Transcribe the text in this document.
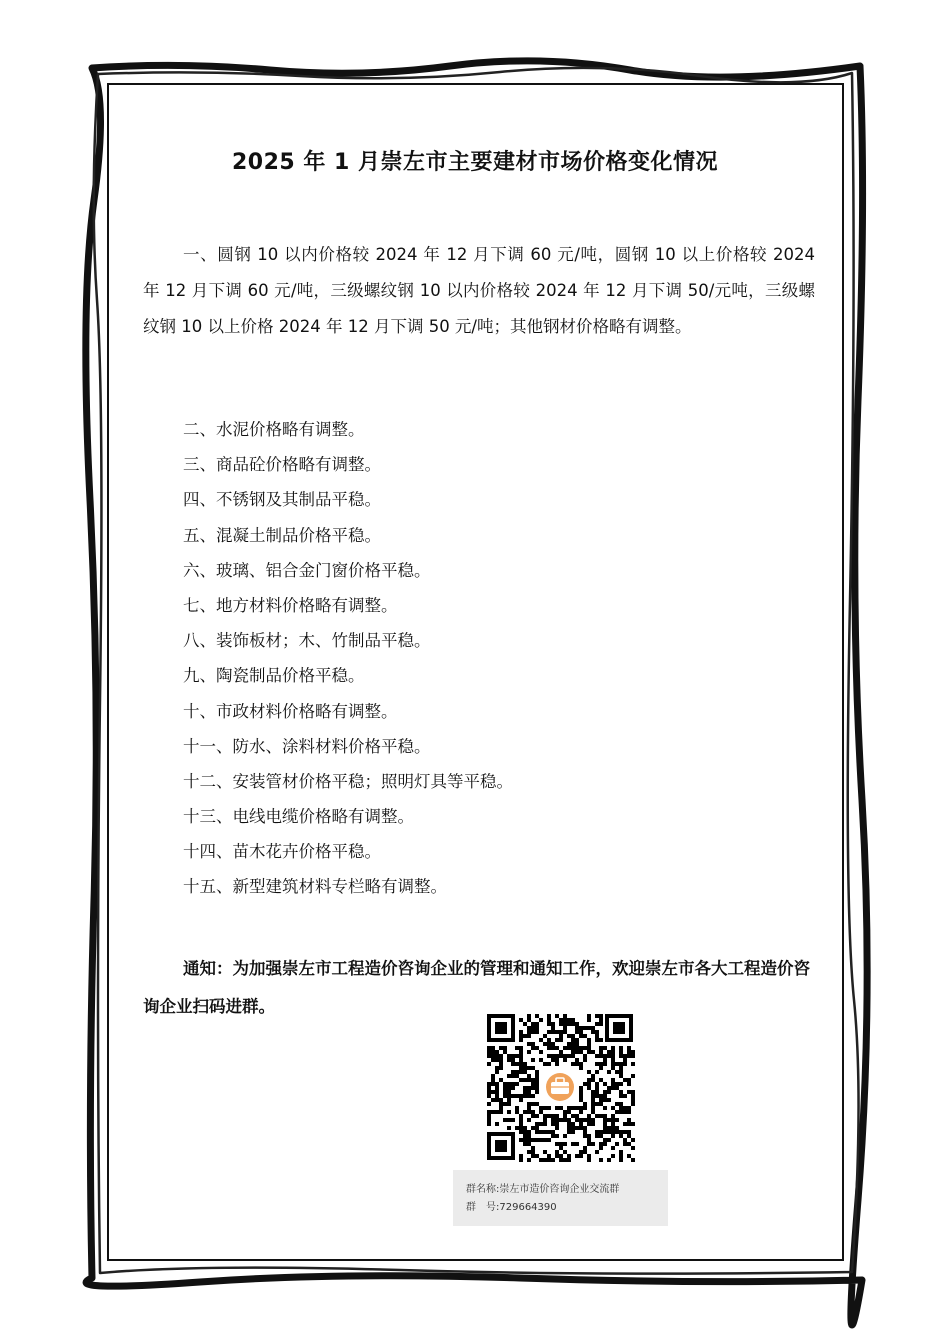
2025 年 1 月崇左市主要建材市场价格变化情况

一、圆钢 10 以内价格较 2024 年 12 月下调 60 元/吨，圆钢 10 以上价格较 2024 年 12 月下调 60 元/吨，三级螺纹钢 10 以内价格较 2024 年 12 月下调 50/元吨，三级螺纹钢 10 以上价格 2024 年 12 月下调 50 元/吨；其他钢材价格略有调整。

二、水泥价格略有调整。
三、商品砼价格略有调整。
四、不锈钢及其制品平稳。
五、混凝土制品价格平稳。
六、玻璃、铝合金门窗价格平稳。
七、地方材料价格略有调整。
八、装饰板材；木、竹制品平稳。
九、陶瓷制品价格平稳。
十、市政材料价格略有调整。
十一、防水、涂料材料价格平稳。
十二、安装管材价格平稳；照明灯具等平稳。
十三、电线电缆价格略有调整。
十四、苗木花卉价格平稳。
十五、新型建筑材料专栏略有调整。

通知：为加强崇左市工程造价咨询企业的管理和通知工作，欢迎崇左市各大工程造价咨询企业扫码进群。

群名称:崇左市造价咨询企业交流群
群　号:729664390
